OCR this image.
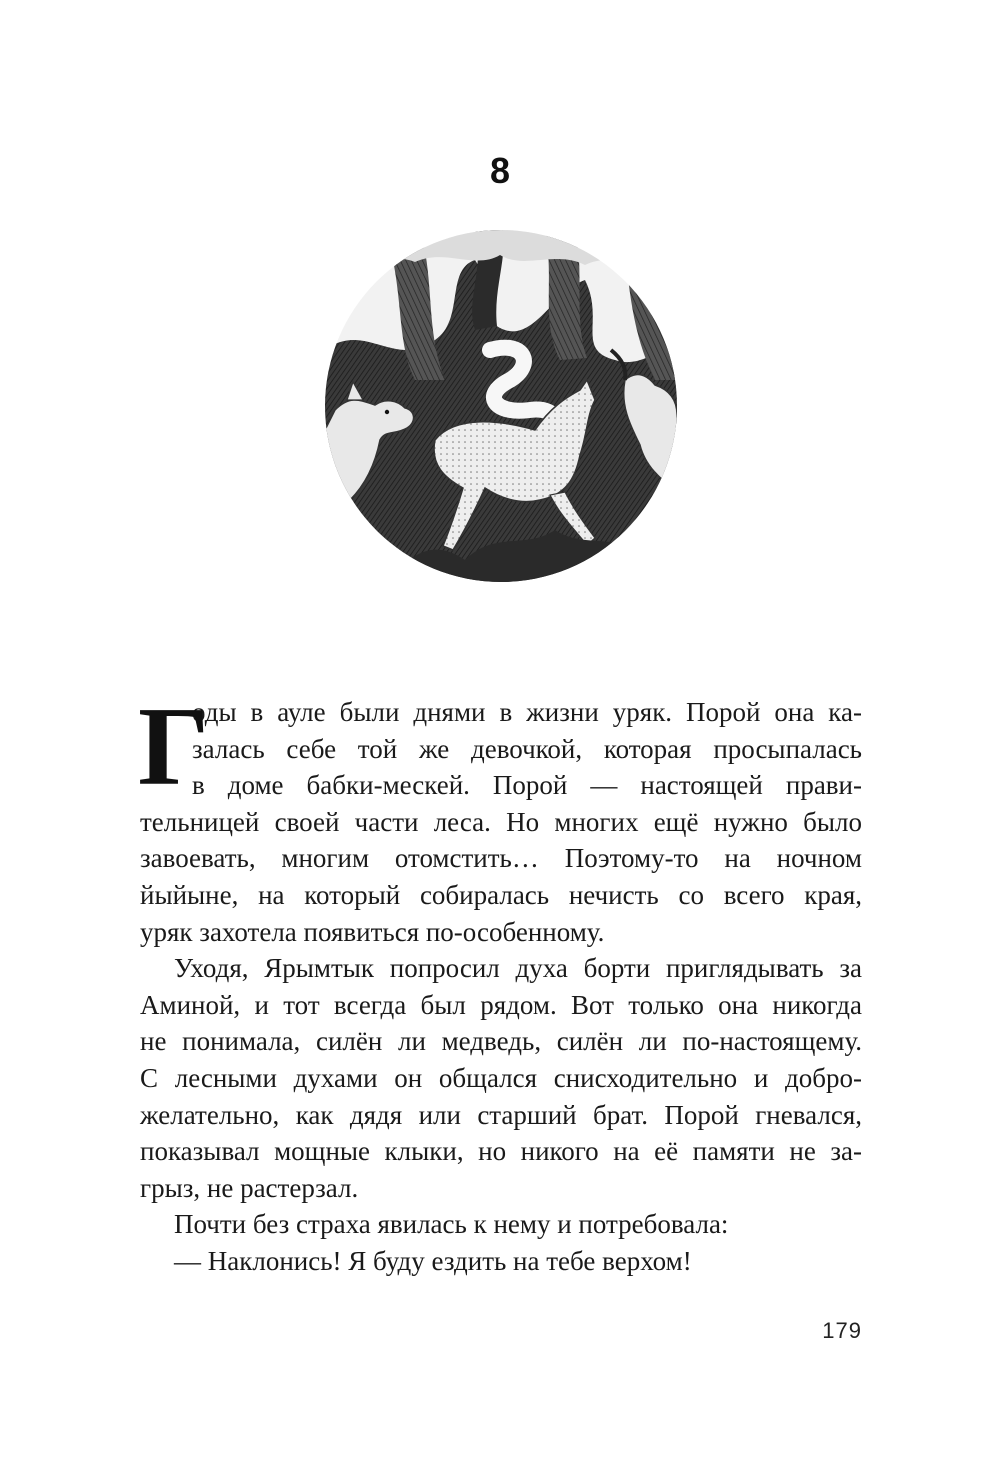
8
Г
оды в ауле были днями в жизни уряк. Порой она ка-
залась себе той же девочкой, которая просыпалась
в доме бабки-мескей. Порой — настоящей прави-
тельницей своей части леса. Но многих ещё нужно было
завоевать, многим отомстить… Поэтому-то на ночном
йыйыне, на который собиралась нечисть со всего края,
уряк захотела появиться по-особенному.
Уходя, Ярымтык попросил духа борти приглядывать за
Аминой, и тот всегда был рядом. Вот только она никогда
не понимала, силён ли медведь, силён ли по-настоящему.
С лесными духами он общался снисходительно и добро-
желательно, как дядя или старший брат. Порой гневался,
показывал мощные клыки, но никого на её памяти не за-
грыз, не растерзал.
Почти без страха явилась к нему и потребовала:
— Наклонись! Я буду ездить на тебе верхом!
179
